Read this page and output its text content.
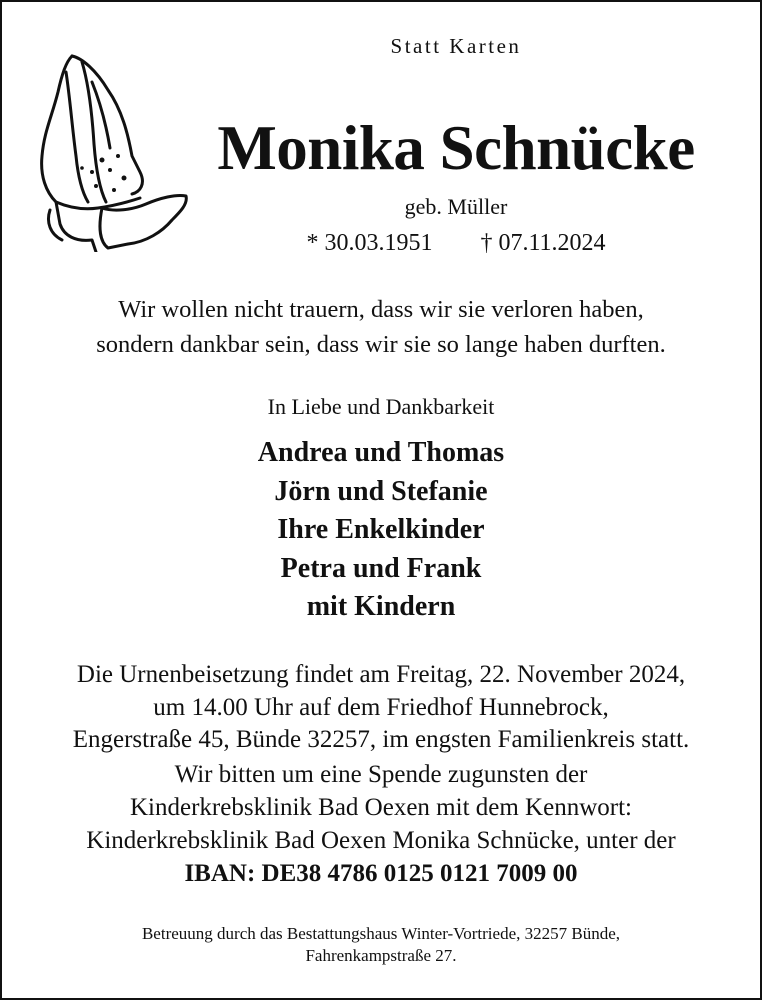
Statt Karten
Monika Schnücke
geb. Müller
* 30.03.1951 † 07.11.2024
Wir wollen nicht trauern, dass wir sie verloren haben,
sondern dankbar sein, dass wir sie so lange haben durften.
In Liebe und Dankbarkeit
Andrea und Thomas
Jörn und Stefanie
Ihre Enkelkinder
Petra und Frank
mit Kindern
Die Urnenbeisetzung findet am Freitag, 22. November 2024,
um 14.00 Uhr auf dem Friedhof Hunnebrock,
Engerstraße 45, Bünde 32257, im engsten Familienkreis statt.
Wir bitten um eine Spende zugunsten der
Kinderkrebsklinik Bad Oexen mit dem Kennwort:
Kinderkrebsklinik Bad Oexen Monika Schnücke, unter der
IBAN: DE38 4786 0125 0121 7009 00
Betreuung durch das Bestattungshaus Winter-Vortriede, 32257 Bünde,
Fahrenkampstraße 27.
